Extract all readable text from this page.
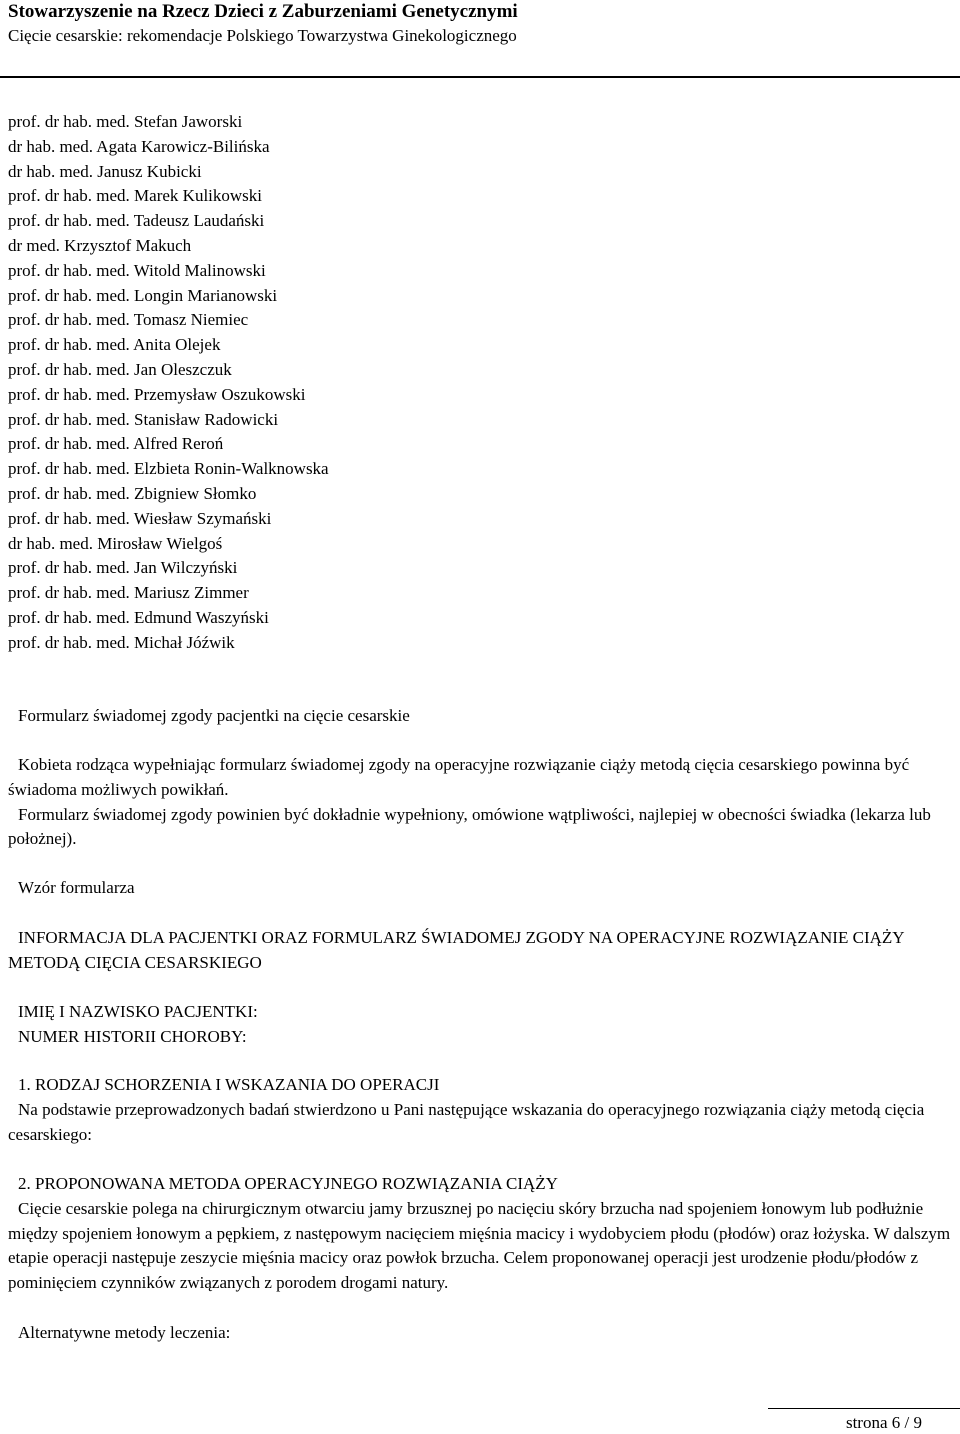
Stowarzyszenie na Rzecz Dzieci z Zaburzeniami Genetycznymi
Cięcie cesarskie: rekomendacje Polskiego Towarzystwa Ginekologicznego
prof. dr hab. med. Stefan Jaworski
dr hab. med. Agata Karowicz-Bilińska
dr hab. med. Janusz Kubicki
prof. dr hab. med. Marek Kulikowski
prof. dr hab. med. Tadeusz Laudański
dr med. Krzysztof Makuch
prof. dr hab. med. Witold Malinowski
prof. dr hab. med. Longin Marianowski
prof. dr hab. med. Tomasz Niemiec
prof. dr hab. med. Anita Olejek
prof. dr hab. med. Jan Oleszczuk
prof. dr hab. med. Przemysław Oszukowski
prof. dr hab. med. Stanisław Radowicki
prof. dr hab. med. Alfred Reroń
prof. dr hab. med. Elzbieta Ronin-Walknowska
prof. dr hab. med. Zbigniew Słomko
prof. dr hab. med. Wiesław Szymański
dr hab. med. Mirosław Wielgoś
prof. dr hab. med. Jan Wilczyński
prof. dr hab. med. Mariusz Zimmer
prof. dr hab. med. Edmund Waszyński
prof. dr hab. med. Michał Jóźwik
Formularz świadomej zgody pacjentki na cięcie cesarskie

Kobieta rodząca wypełniając formularz świadomej zgody na operacyjne rozwiązanie ciąży metodą cięcia cesarskiego powinna być świadoma możliwych powikłań.

Formularz świadomej zgody powinien być dokładnie wypełniony, omówione wątpliwości, najlepiej w obecności świadka (lekarza lub położnej).

Wzór formularza
INFORMACJA DLA PACJENTKI ORAZ FORMULARZ ŚWIADOMEJ ZGODY NA OPERACYJNE ROZWIĄZANIE CIĄŻY METODĄ CIĘCIA CESARSKIEGO
IMIĘ I NAZWISKO PACJENTKI:
NUMER HISTORII CHOROBY:
1. RODZAJ SCHORZENIA I WSKAZANIA DO OPERACJI

Na podstawie przeprowadzonych badań stwierdzono u Pani następujące wskazania do operacyjnego rozwiązania ciąży metodą cięcia cesarskiego:

2. PROPONOWANA METODA OPERACYJNEGO ROZWIĄZANIA CIĄŻY

Cięcie cesarskie polega na chirurgicznym otwarciu jamy brzusznej po nacięciu skóry brzucha nad spojeniem łonowym lub podłużnie między spojeniem łonowym a pępkiem, z następowym nacięciem mięśnia macicy i wydobyciem płodu (płodów) oraz łożyska. W dalszym etapie operacji następuje zeszycie mięśnia macicy oraz powłok brzucha. Celem proponowanej operacji jest urodzenie płodu/płodów z pominięciem czynników związanych z porodem drogami natury.

Alternatywne metody leczenia:
strona 6 / 9
